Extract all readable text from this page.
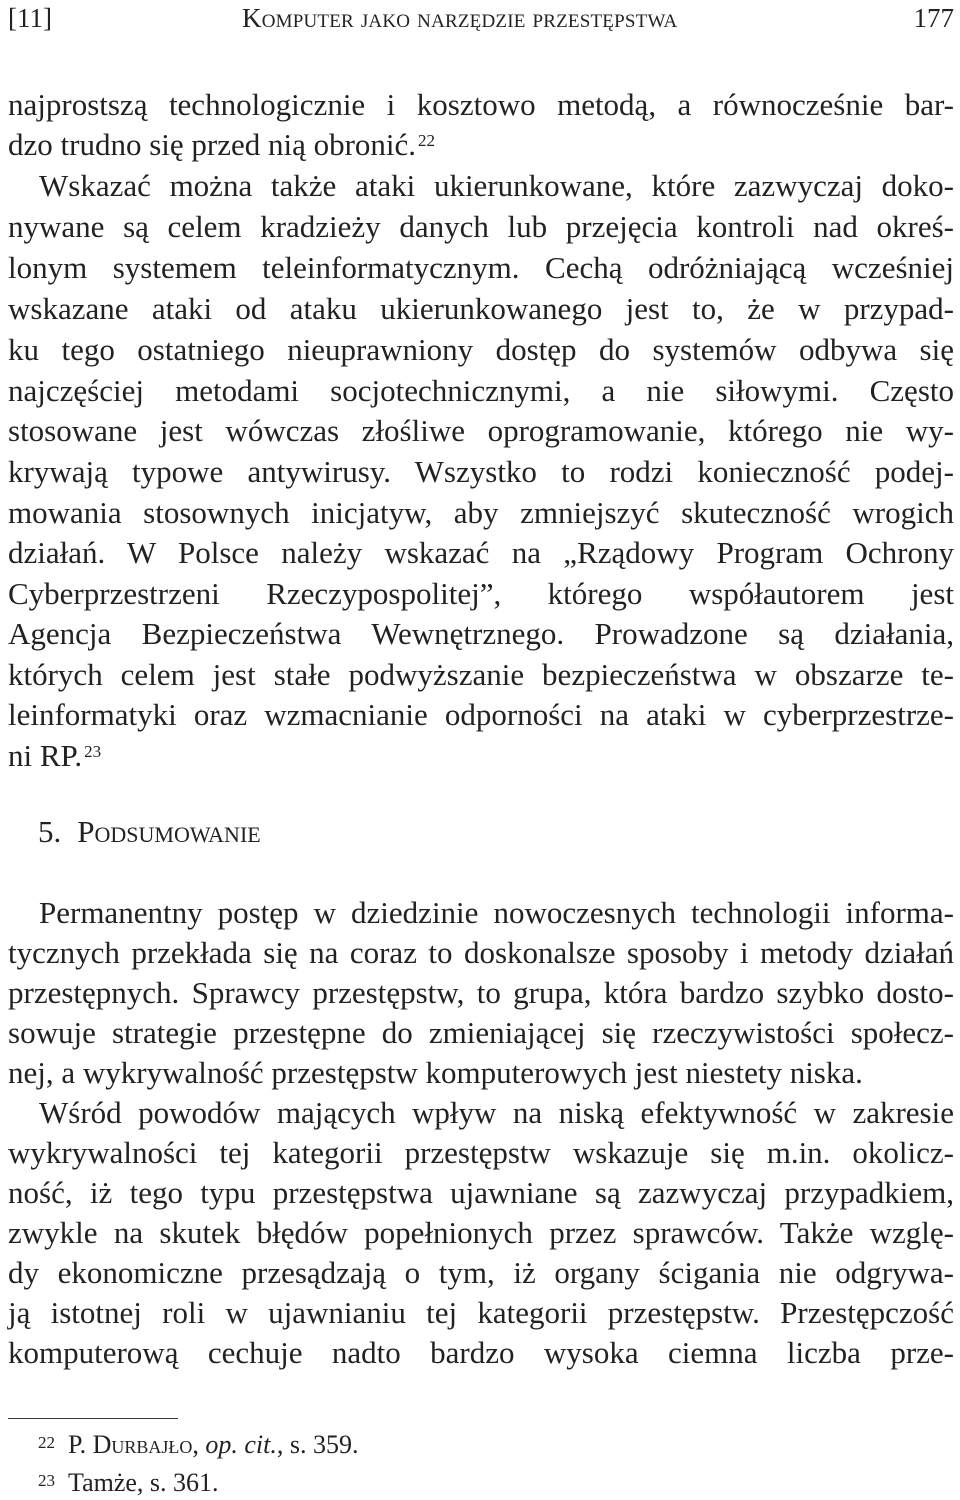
[11]	Komputer jako narzędzie przestępstwa	177
najprostszą technologicznie i kosztowo metodą, a równocześnie bar-
dzo trudno się przed nią obronić. $^{22}$
Wskazać można także ataki ukierunkowane, które zazwyczaj doko-
nywane są celem kradzieży danych lub przejęcia kontroli nad okreś-
lonym systemem teleinformatycznym. Cechą odróżniającą wcześniej
wskazane ataki od ataku ukierunkowanego jest to, że w przypad-
ku tego ostatniego nieuprawniony dostęp do systemów odbywa się
najczęściej metodami socjotechnicznymi, a nie siłowymi. Często
stosowane jest wówczas złośliwe oprogramowanie, którego nie wy-
krywają typowe antywirusy. Wszystko to rodzi konieczność podej-
mowania stosownych inicjatyw, aby zmniejszyć skuteczność wrogich
działań. W Polsce należy wskazać na „Rządowy Program Ochrony
Cyberprzestrzeni Rzeczypospolitej”, którego współautorem jest
Agencja Bezpieczeństwa Wewnętrznego. Prowadzone są działania,
których celem jest stałe podwyższanie bezpieczeństwa w obszarze te-
leinformatyki oraz wzmacnianie odporności na ataki w cyberprzestrze-
ni RP. $^{23}$
5. Podsumowanie
Permanentny postęp w dziedzinie nowoczesnych technologii informa-
tycznych przekłada się na coraz to doskonalsze sposoby i metody działań
przestępnych. Sprawcy przestępstw, to grupa, która bardzo szybko dosto-
sowuje strategie przestępne do zmieniającej się rzeczywistości społecz-
nej, a wykrywalność przestępstw komputerowych jest niestety niska.
Wśród powodów mających wpływ na niską efektywność w zakresie
wykrywalności tej kategorii przestępstw wskazuje się m.in. okolicz-
ność, iż tego typu przestępstwa ujawniane są zazwyczaj przypadkiem,
zwykle na skutek błędów popełnionych przez sprawców. Także wzglę-
dy ekonomiczne przesądzają o tym, iż organy ścigania nie odgrywa-
ją istotnej roli w ujawnianiu tej kategorii przestępstw. Przestępczość
komputerową cechuje nadto bardzo wysoka ciemna liczba prze-
22 P. Durbajło, op. cit., s. 359.
23 Tamże, s. 361.
